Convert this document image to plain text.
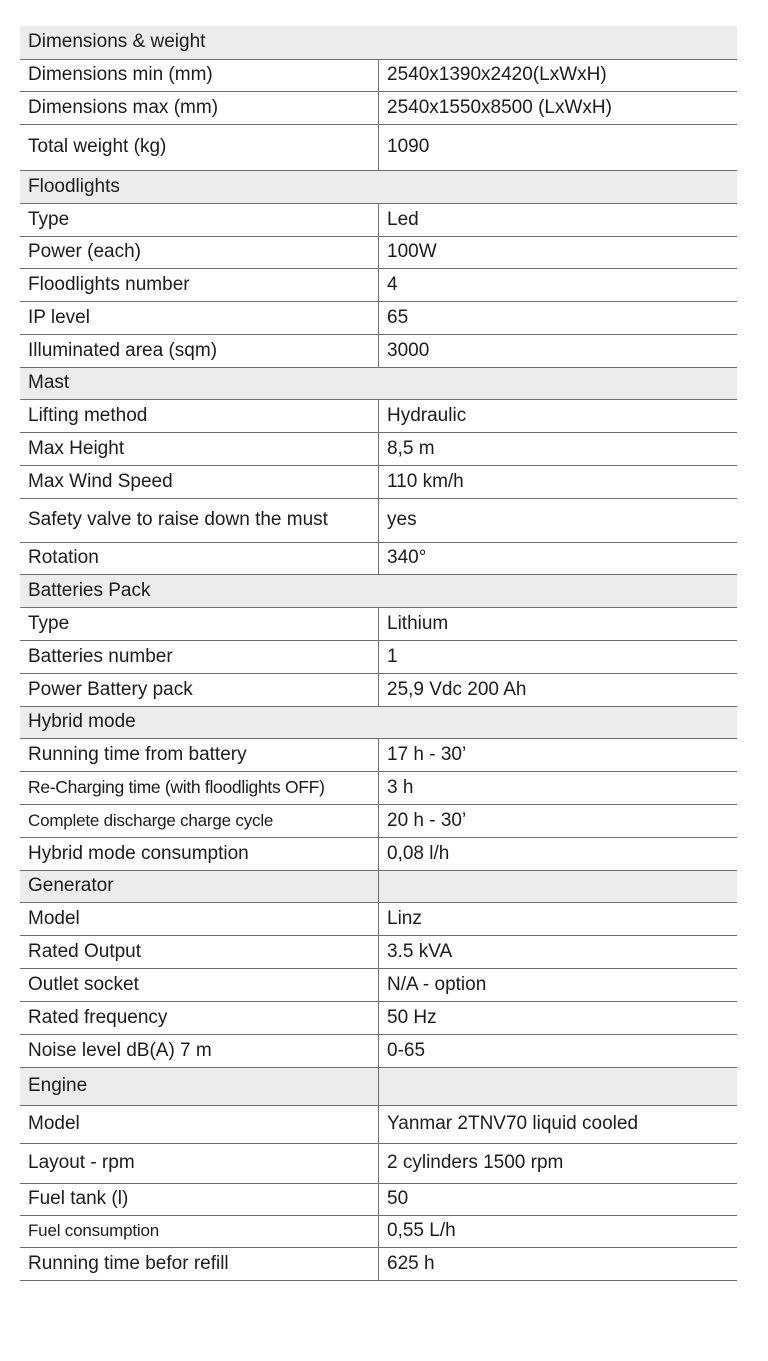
Dimensions & weight	
Dimensions min (mm)	2540x1390x2420(LxWxH)
Dimensions max (mm)	2540x1550x8500 (LxWxH)
Total weight (kg)	1090
Floodlights	
Type	Led
Power (each)	100W
Floodlights number	4
IP level	65
Illuminated area (sqm)	3000
Mast	
Lifting method	Hydraulic
Max Height	8,5 m
Max Wind Speed	110 km/h
Safety valve to raise down the must	yes
Rotation	340°
Batteries Pack	
Type	Lithium
Batteries number	1
Power Battery pack	25,9 Vdc 200 Ah
Hybrid mode	
Running time from battery	17 h - 30’
Re-Charging time (with floodlights OFF)	3 h
Complete discharge charge cycle	20 h - 30’
Hybrid mode consumption	0,08 l/h
Generator	
Model	Linz
Rated Output	3.5 kVA
Outlet socket	N/A - option
Rated frequency	50 Hz
Noise level dB(A) 7 m	0-65
Engine	
Model	Yanmar 2TNV70 liquid cooled
Layout - rpm	2 cylinders 1500 rpm
Fuel tank (l)	50
Fuel consumption	0,55 L/h
Running time befor refill	625 h
